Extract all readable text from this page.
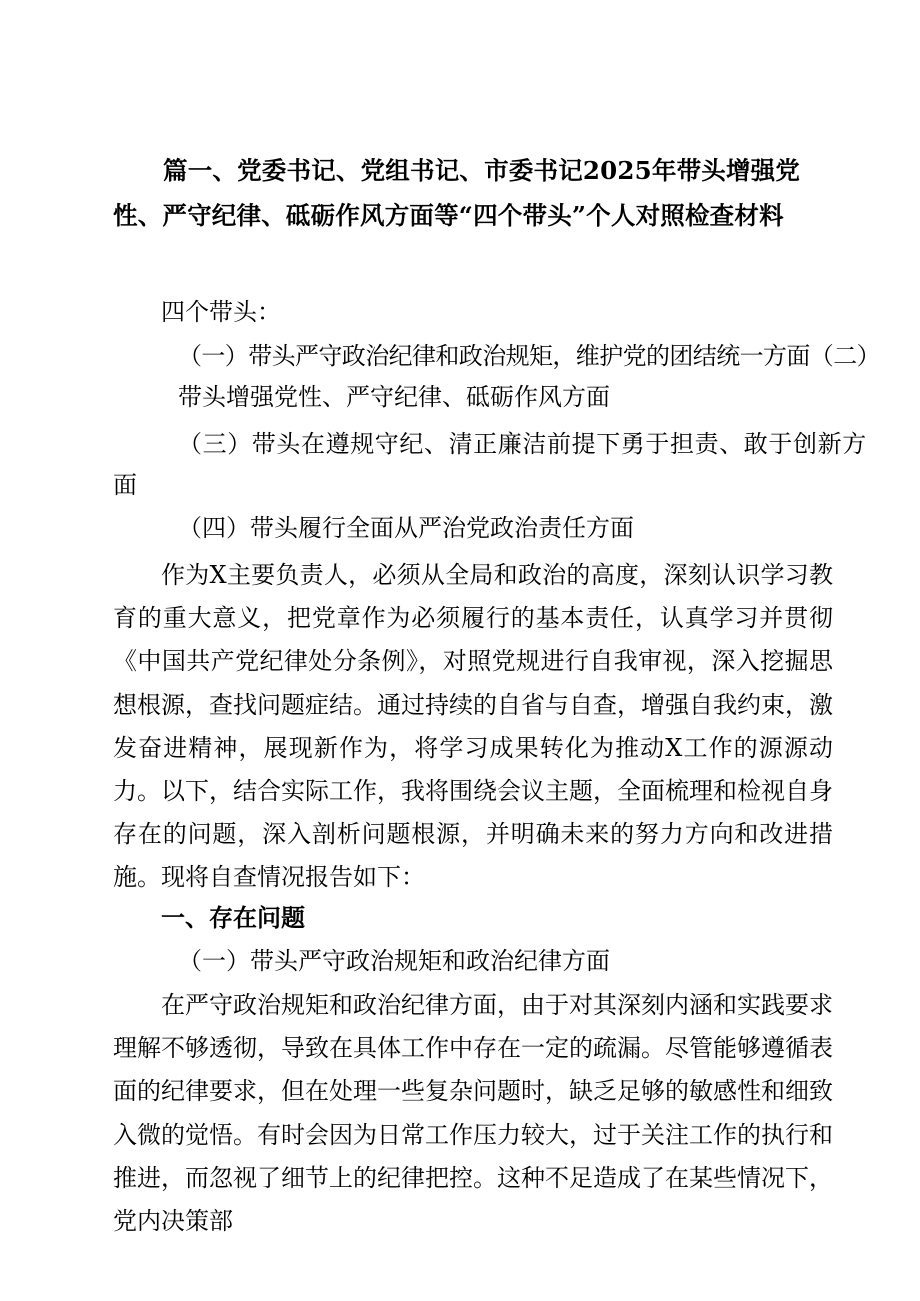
篇一、党委书记、党组书记、市委书记2025年带头增强党性、严守纪律、砥砺作风方面等“四个带头”个人对照检查材料

四个带头：

（一）带头严守政治纪律和政治规矩，维护党的团结统一方面（二）

带头增强党性、严守纪律、砥砺作风方面

（三）带头在遵规守纪、清正廉洁前提下勇于担责、敢于创新方

面

（四）带头履行全面从严治党政治责任方面

作为X主要负责人，必须从全局和政治的高度，深刻认识学习教育的重大意义，把党章作为必须履行的基本责任，认真学习并贯彻《中国共产党纪律处分条例》，对照党规进行自我审视，深入挖掘思想根源，查找问题症结。通过持续的自省与自查，增强自我约束，激发奋进精神，展现新作为，将学习成果转化为推动X工作的源源动力。以下，结合实际工作，我将围绕会议主题，全面梳理和检视自身存在的问题，深入剖析问题根源，并明确未来的努力方向和改进措施。现将自查情况报告如下：

一、存在问题

（一）带头严守政治规矩和政治纪律方面

在严守政治规矩和政治纪律方面，由于对其深刻内涵和实践要求理解不够透彻，导致在具体工作中存在一定的疏漏。尽管能够遵循表面的纪律要求，但在处理一些复杂问题时，缺乏足够的敏感性和细致入微的觉悟。有时会因为日常工作压力较大，过于关注工作的执行和推进，而忽视了细节上的纪律把控。这种不足造成了在某些情况下，党内决策部
